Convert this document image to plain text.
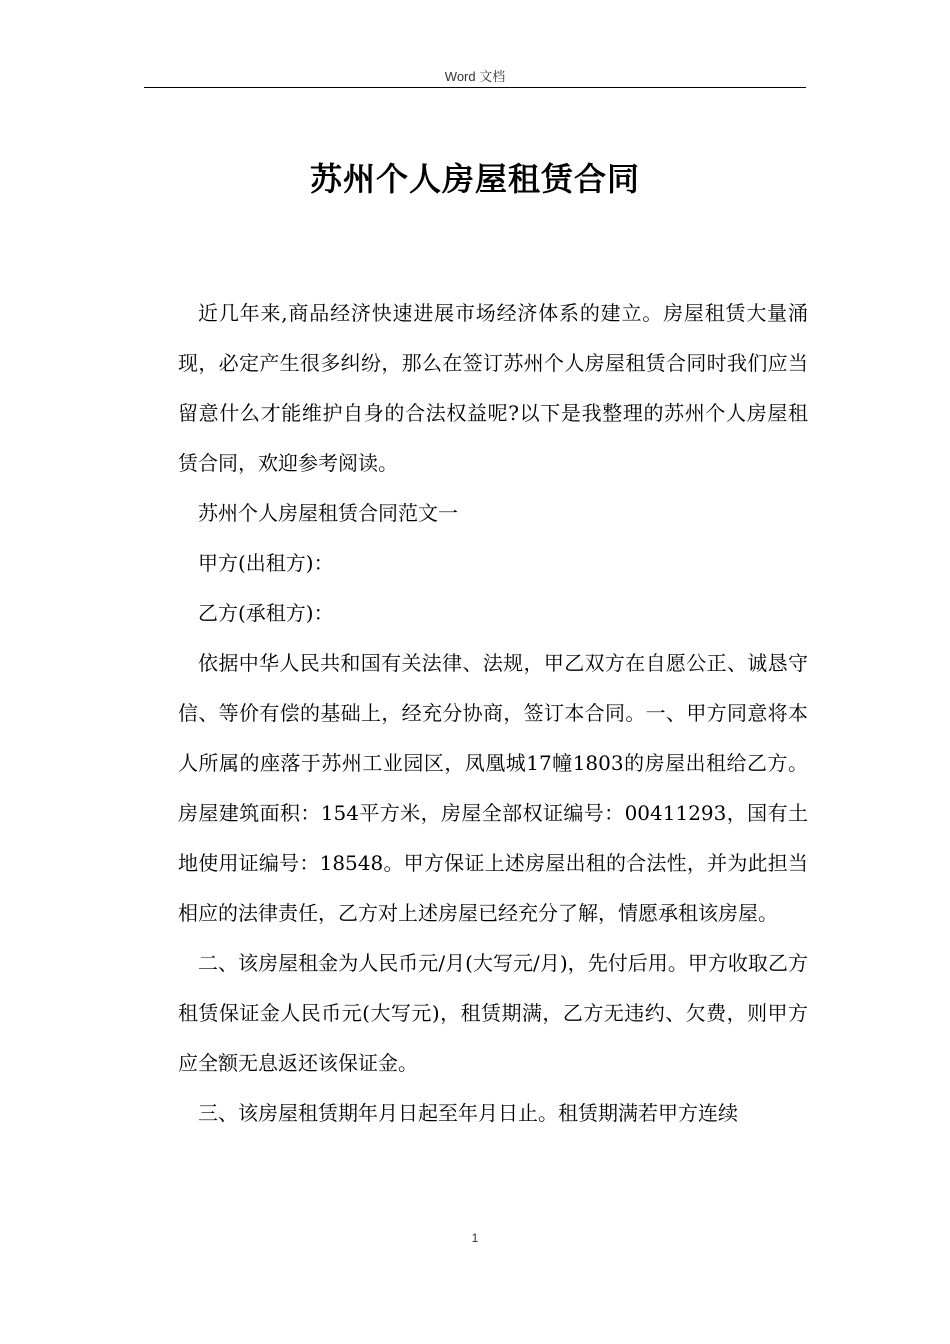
Word 文档
苏州个人房屋租赁合同

近几年来,商品经济快速进展市场经济体系的建立。房屋租赁大量涌现，必定产生很多纠纷，那么在签订苏州个人房屋租赁合同时我们应当留意什么才能维护自身的合法权益呢?以下是我整理的苏州个人房屋租赁合同，欢迎参考阅读。

苏州个人房屋租赁合同范文一

甲方(出租方)：

乙方(承租方)：

依据中华人民共和国有关法律、法规，甲乙双方在自愿公正、诚恳守信、等价有偿的基础上，经充分协商，签订本合同。一、甲方同意将本人所属的座落于苏州工业园区，凤凰城17幢1803的房屋出租给乙方。房屋建筑面积：154平方米，房屋全部权证编号：00411293，国有土地使用证编号：18548。甲方保证上述房屋出租的合法性，并为此担当相应的法律责任，乙方对上述房屋已经充分了解，情愿承租该房屋。

二、该房屋租金为人民币元/月(大写元/月)，先付后用。甲方收取乙方租赁保证金人民币元(大写元)，租赁期满，乙方无违约、欠费，则甲方应全额无息返还该保证金。

三、该房屋租赁期年月日起至年月日止。租赁期满若甲方连续

1
